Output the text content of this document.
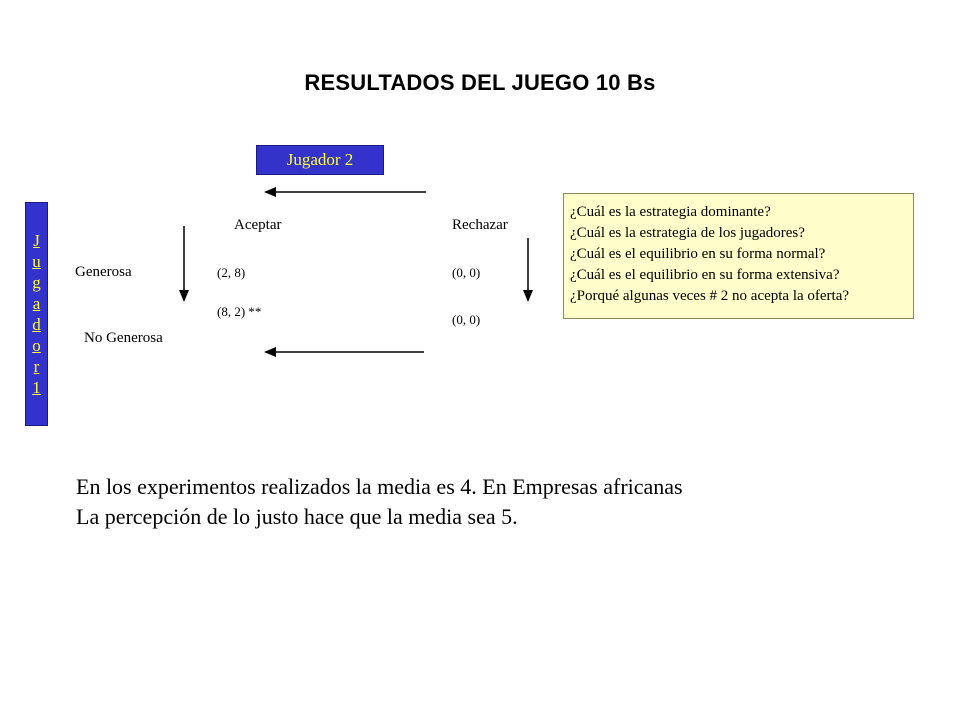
RESULTADOS DEL JUEGO 10 Bs
Jugador 2
J
u
g
a
d
o
r
1
Aceptar	Rechazar
Generosa
No Generosa
(2, 8)	(0, 0)
(8, 2) **
(0, 0)
¿Cuál es la estrategia dominante?
¿Cuál es la estrategia de los jugadores?
¿Cuál es el equilibrio en su forma normal?
¿Cuál es el equilibrio en su forma extensiva?
¿Porqué algunas veces # 2 no acepta la oferta?
En los experimentos realizados la media es 4. En Empresas africanas
La percepción de lo justo hace que la media sea 5.
